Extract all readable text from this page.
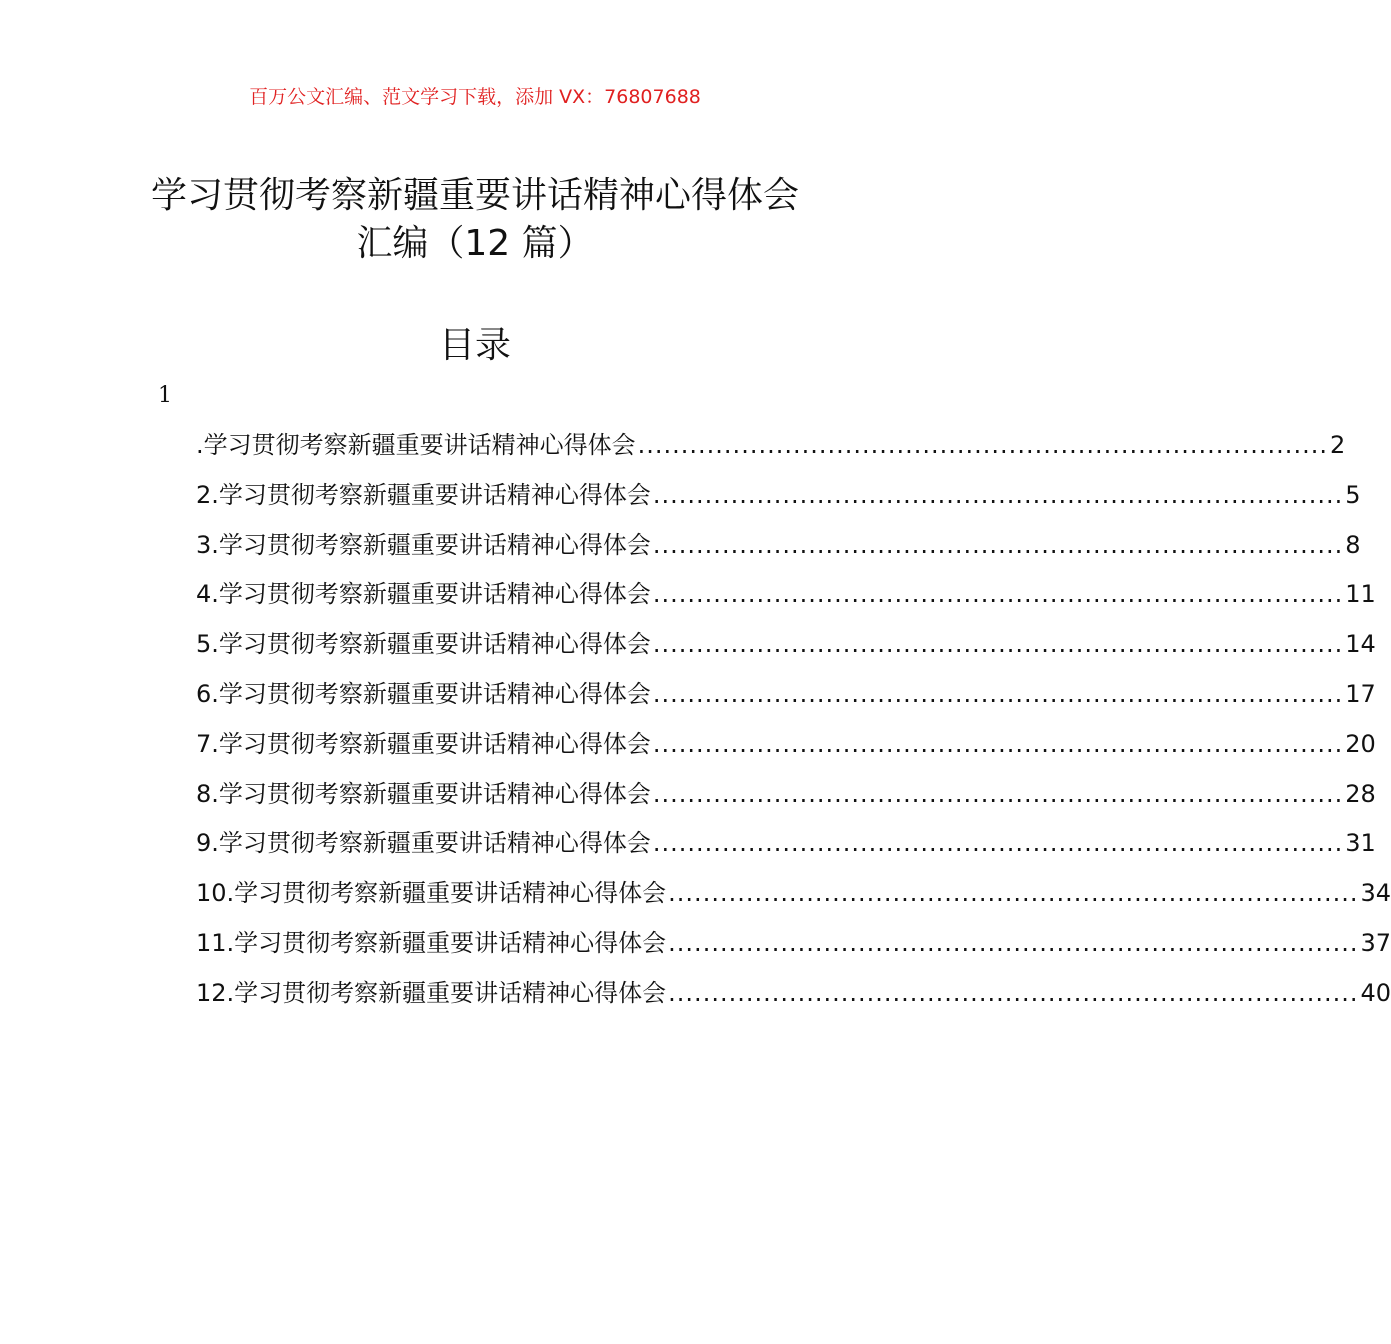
百万公文汇编、范文学习下载，添加 VX：76807688
学习贯彻考察新疆重要讲话精神心得体会
汇编（12 篇）
目录
1
. 学习贯彻考察新疆重要讲话精神心得体会 ................................................................................ 2
2. 学习贯彻考察新疆重要讲话精神心得体会 ................................................................................ 5
3. 学习贯彻考察新疆重要讲话精神心得体会 ................................................................................ 8
4. 学习贯彻考察新疆重要讲话精神心得体会 ................................................................................ 11
5. 学习贯彻考察新疆重要讲话精神心得体会 ................................................................................ 14
6. 学习贯彻考察新疆重要讲话精神心得体会 ................................................................................ 17
7. 学习贯彻考察新疆重要讲话精神心得体会 ................................................................................ 20
8. 学习贯彻考察新疆重要讲话精神心得体会 ................................................................................ 28
9. 学习贯彻考察新疆重要讲话精神心得体会 ................................................................................ 31
10. 学习贯彻考察新疆重要讲话精神心得体会 ................................................................................ 34
11. 学习贯彻考察新疆重要讲话精神心得体会 ................................................................................ 37
12. 学习贯彻考察新疆重要讲话精神心得体会 ................................................................................ 40
